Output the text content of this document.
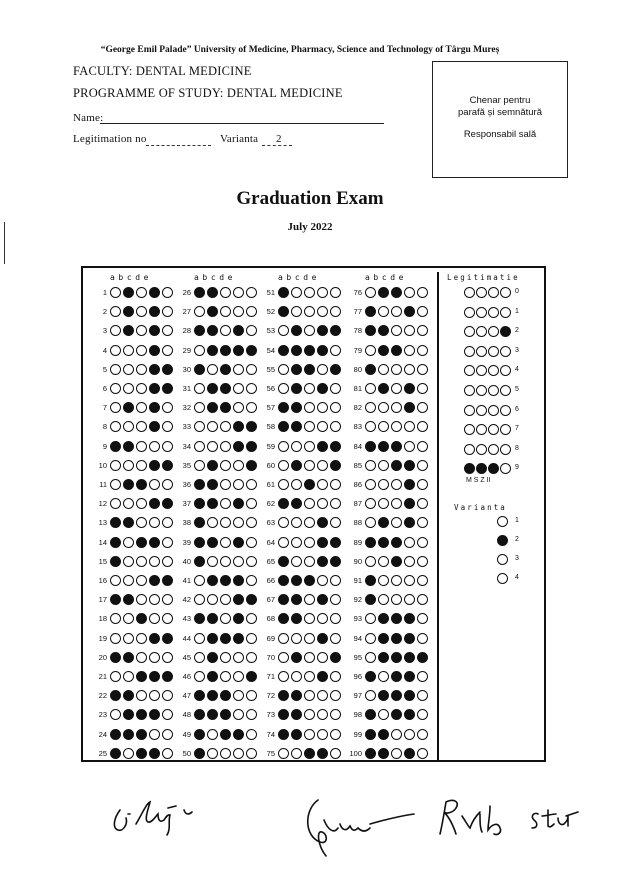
“George Emil Palade” University of Medicine, Pharmacy, Science and Technology of Târgu Mureș
FACULTY: DENTAL MEDICINE
PROGRAMME OF STUDY: DENTAL MEDICINE
Name:
Legitimation no	Varianta 2
Chenar pentru
parafă și semnătură
Responsabil sală
Graduation Exam
July 2022
abcde
1
2
3
4
5
6
7
8
9
10
11
12
13
14
15
16
17
18
19
20
21
22
23
24
25
abcde
26
27
28
29
30
31
32
33
34
35
36
37
38
39
40
41
42
43
44
45
46
47
48
49
50
abcde
51
52
53
54
55
56
57
58
59
60
61
62
63
64
65
66
67
68
69
70
71
72
73
74
75
abcde
76
77
78
79
80
81
82
83
84
85
86
87
88
89
90
91
92
93
94
95
96
97
98
99
100
Legitimatie
0
1
2
3
4
5
6
7
8
9
M S Z II
Varianta
1
2
3
4
